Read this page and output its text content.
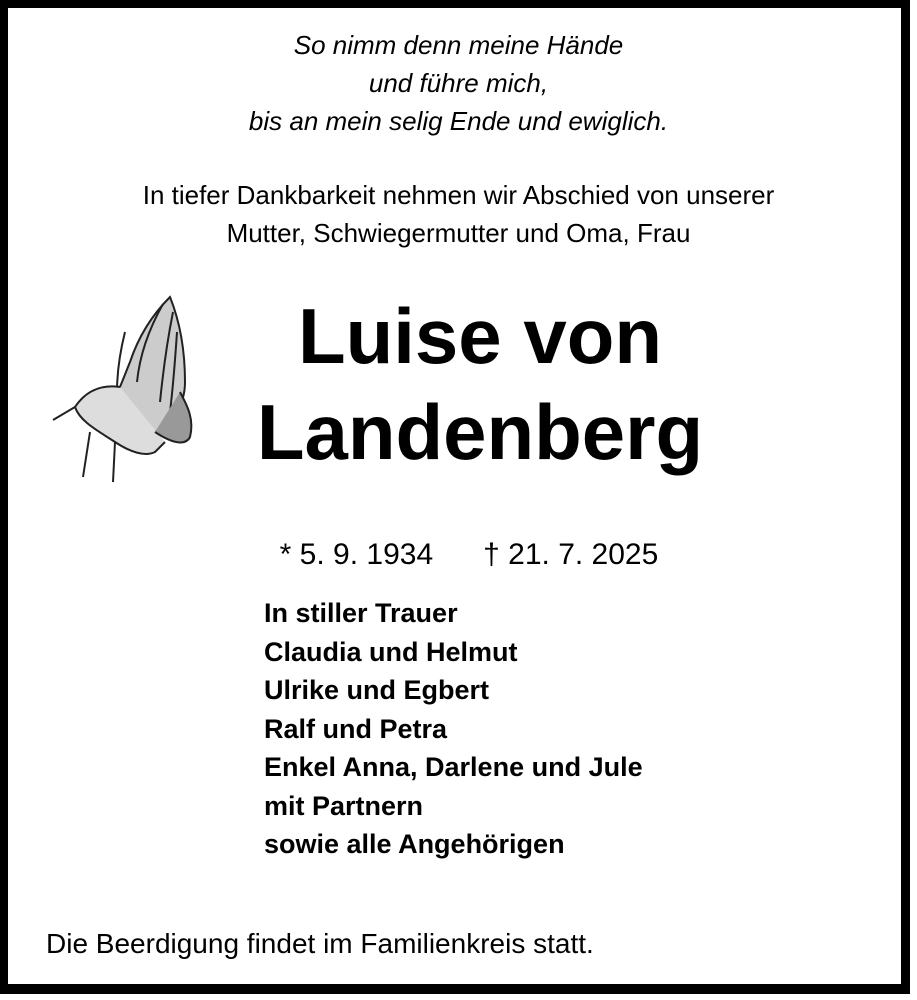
So nimm denn meine Hände
und führe mich,
bis an mein selig Ende und ewiglich.
In tiefer Dankbarkeit nehmen wir Abschied von unserer
Mutter, Schwiegermutter und Oma, Frau
Luise von
Landenberg

* 5. 9. 1934 † 21. 7. 2025

In stiller Trauer
Claudia und Helmut
Ulrike und Egbert
Ralf und Petra
Enkel Anna, Darlene und Jule
mit Partnern
sowie alle Angehörigen
Die Beerdigung findet im Familienkreis statt.
